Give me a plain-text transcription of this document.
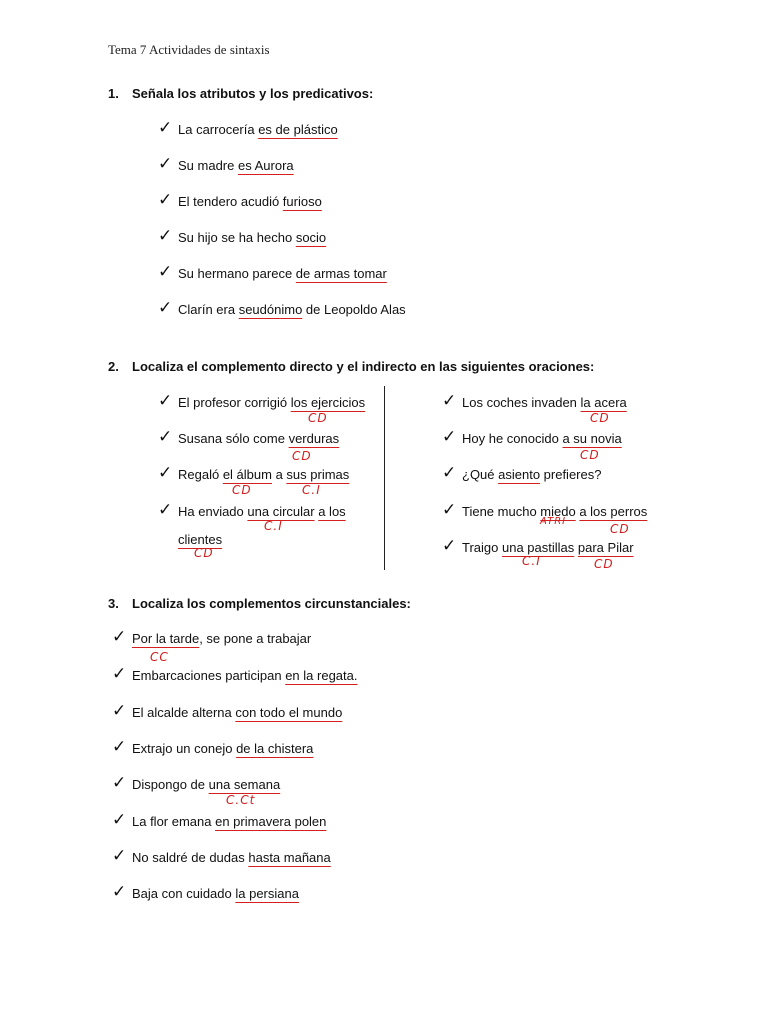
Tema 7 Actividades de sintaxis
1. Señala los atributos y los predicativos:
✓ La carrocería es de plástico
✓ Su madre es Aurora
✓ El tendero acudió furioso
✓ Su hijo se ha hecho socio
✓ Su hermano parece de armas tomar
✓ Clarín era seudónimo de Leopoldo Alas
2. Localiza el complemento directo y el indirecto en las siguientes oraciones:
✓ El profesor corrigió los ejercicios
CD
✓ Susana sólo come verduras
CD
✓ Regaló el álbum a sus primas
CD	C.I
✓ Ha enviado una circular a los
C.I
clientes
CD
✓ Los coches invaden la acera
CD
✓ Hoy he conocido a su novia
CD
✓ ¿Qué asiento prefieres?
✓ Tiene mucho miedo a los perros
ATRI
CD
✓ Traigo una pastillas para Pilar
C.I	CD
3. Localiza los complementos circunstanciales:
✓ Por la tarde, se pone a trabajar
CC
✓ Embarcaciones participan en la regata.
✓ El alcalde alterna con todo el mundo
✓ Extrajo un conejo de la chistera
✓ Dispongo de una semana
C.Ct
✓ La flor emana en primavera polen
✓ No saldré de dudas hasta mañana
✓ Baja con cuidado la persiana
